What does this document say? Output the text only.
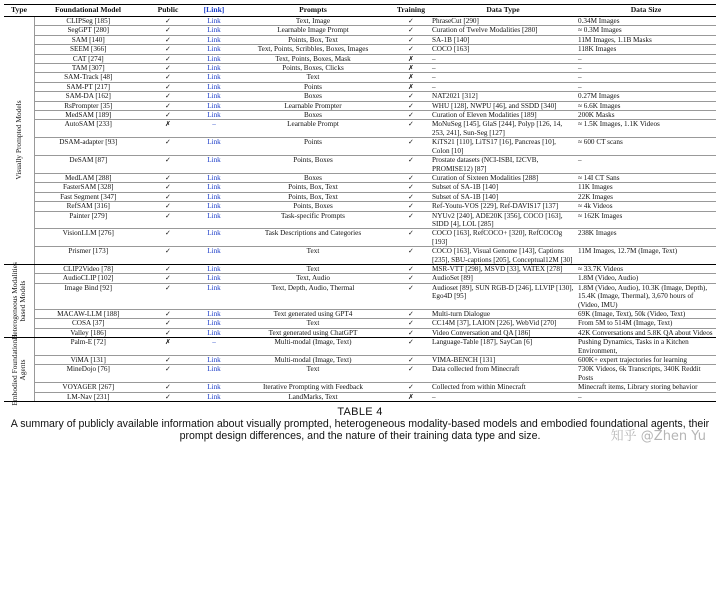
Type	Foundational Model	Public	[Link]	Prompts	Training	Data Type	Data Size

Visually Prompted Models	CLIPSeg [185]	✓	Link	Text, Image	✓	PhraseCut [290]	0.34M Images
	SegGPT [280]	✓	Link	Learnable Image Prompt	✓	Curation of Twelve Modalities [280]	≈ 0.3M Images
	SAM [140]	✓	Link	Points, Box, Text	✓	SA-1B [140]	11M Images, 1.1B Masks
	SEEM [366]	✓	Link	Text, Points, Scribbles, Boxes, Images	✓	COCO [163]	118K Images
	CAT [274]	✓	Link	Text, Points, Boxes, Mask	✗	–	–
	TAM [307]	✓	Link	Points, Boxes, Clicks	✗	–	–
	SAM-Track [48]	✓	Link	Text	✗	–	–
	SAM-PT [217]	✓	Link	Points	✗	–	–
	SAM-DA [162]	✓	Link	Boxes	✓	NAT2021 [312]	0.27M Images
	RsPrompter [35]	✓	Link	Learnable Prompter	✓	WHU [128], NWPU [46], and SSDD [340]	≈ 6.6K Images
	MedSAM [189]	✓	Link	Boxes	✓	Curation of Eleven Modalities [189]	200K Masks
	AutoSAM [233]	✗	–	Learnable Prompt	✓	MoNuSeg [145], GlaS [244], Polyp [126, 14, 253, 241], Sun-Seg [127]	≈ 1.5K Images, 1.1K Videos
	DSAM-adapter [93]	✓	Link	Points	✓	KiTS21 [110], LiTS17 [16], Pancreas [10], Colon [10]	≈ 600 CT scans
	DeSAM [87]	✓	Link	Points, Boxes	✓	Prostate datasets (NCI-ISBI, I2CVB, PROMISE12) [87]	–
	MedLAM [288]	✓	Link	Boxes	✓	Curation of Sixteen Modalities [288]	≈ 14I CT Sans
	FasterSAM [328]	✓	Link	Points, Box, Text	✓	Subset of SA-1B [140]	11K Images
	Fast Segment [347]	✓	Link	Points, Box, Text	✓	Subset of SA-1B [140]	22K Images
	RefSAM [316]	✓	Link	Points, Boxes	✓	Ref-Youtu-VOS [229], Ref-DAVIS17 [137]	≈ 4k Videos
	Painter [279]	✓	Link	Task-specific Prompts	✓	NYUv2 [240], ADE20K [356], COCO [163], SIDD [4], LOL [285]	≈ 162K Images
	VisionLLM [276]	✓	Link	Task Descriptions and Categories	✓	COCO [163], RefCOCO+ [320], RefCOCOg [193]	238K Images
	Prismer [173]	✓	Link	Text	✓	COCO [163], Visual Genome [143], Captions [235], SBU-captions [205], Conceptual12M [30]	11M Images, 12.7M (Image, Text)

Heterogeneous Modalities based Models	CLIP2Video [78]	✓	Link	Text	✓	MSR-VTT [298], MSVD [33], VATEX [278]	≈ 33.7K Videos
	AudioCLIP [102]	✓	Link	Text, Audio	✓	AudioSet [89]	1.8M (Video, Audio)
	Image Bind [92]	✓	Link	Text, Depth, Audio, Thermal	✓	Audioset [89], SUN RGB-D [246], LLVIP [130], Ego4D [95]	1.8M (Video, Audio), 10.3K (Image, Depth), 15.4K (Image, Thermal), 3,670 hours of (Video, IMU)
	MACAW-LLM [188]	✓	Link	Text generated using GPT4	✓	Multi-turn Dialogue	69K (Image, Text), 50k (Video, Text)
	COSA [37]	✓	Link	Text	✓	CC14M [37], LAION [226], WebVid [270]	From 5M to 514M (Image, Text)
	Valley [186]	✓	Link	Text generated using ChatGPT	✓	Video Conversation and QA [186]	42K Conversations and 5.8K QA about Videos

Embodied Foundational Agents	Palm-E [72]	✗	–	Multi-modal (Image, Text)	✓	Language-Table [187], SayCan [6]	Pushing Dynamics, Tasks in a Kitchen Environment,
	ViMA [131]	✓	Link	Multi-modal (Image, Text)	✓	VIMA-BENCH [131]	600K+ expert trajectories for learning
	MineDojo [76]	✓	Link	Text	✓	Data collected from Minecraft	730K Videos, 6k Transcripts, 340K Reddit Posts
	VOYAGER [267]	✓	Link	Iterative Prompting with Feedback	✓	Collected from within Minecraft	Minecraft items, Library storing behavior
	LM-Nav [231]	✓	Link	LandMarks, Text	✗	–	–
TABLE 4
A summary of publicly available information about visually prompted, heterogeneous modality-based models and embodied foundational agents, their prompt design differences, and the nature of their training data type and size.	知乎 @Zhen Yu
